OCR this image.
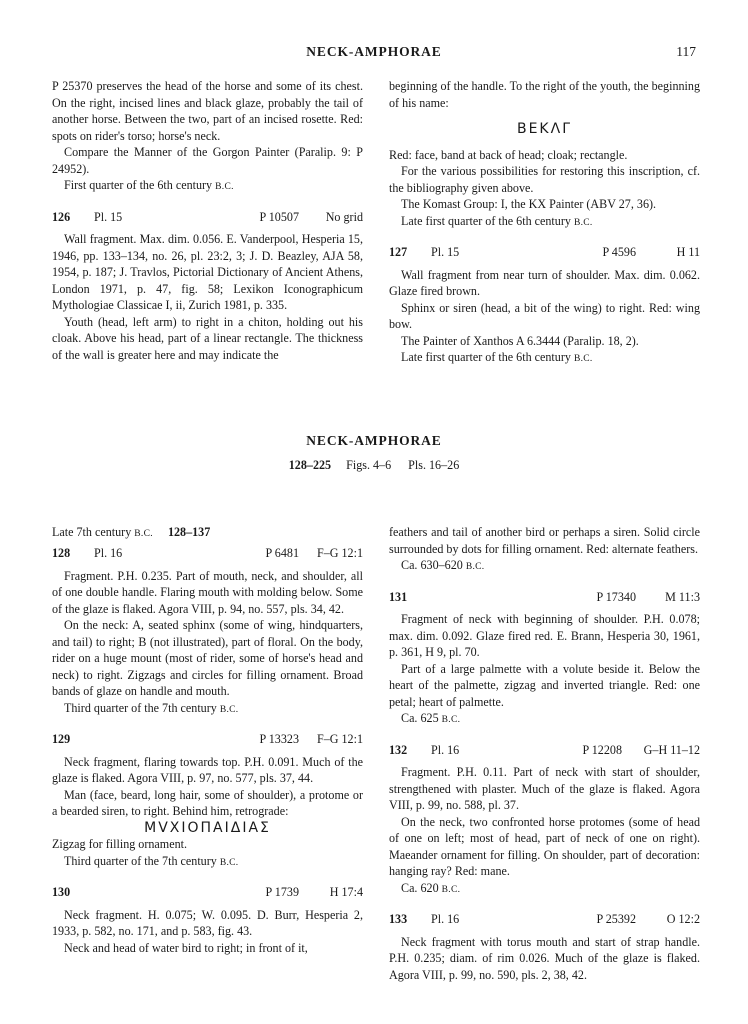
NECK-AMPHORAE	117

P 25370 preserves the head of the horse and some of its chest. On the right, incised lines and black glaze, probably the tail of another horse. Between the two, part of an incised rosette. Red: spots on rider's torso; horse's neck.

Compare the Manner of the Gorgon Painter (Paralip. 9: P 24952).

First quarter of the 6th century B.C.

126	Pl. 15	P 10507	No grid

Wall fragment. Max. dim. 0.056. E. Vanderpool, Hesperia 15, 1946, pp. 133–134, no. 26, pl. 23:2, 3; J. D. Beazley, AJA 58, 1954, p. 187; J. Travlos, Pictorial Dictionary of Ancient Athens, London 1971, p. 47, fig. 58; Lexikon Iconographicum Mythologiae Classicae I, ii, Zurich 1981, p. 335.

Youth (head, left arm) to right in a chiton, holding out his cloak. Above his head, part of a linear rectangle. The thickness of the wall is greater here and may indicate the

beginning of the handle. To the right of the youth, the beginning of his name:

ΒΕΚΛΓ

Red: face, band at back of head; cloak; rectangle.

For the various possibilities for restoring this inscription, cf. the bibliography given above.

The Komast Group: I, the KX Painter (ABV 27, 36).

Late first quarter of the 6th century B.C.

127	Pl. 15	P 4596	H 11

Wall fragment from near turn of shoulder. Max. dim. 0.062. Glaze fired brown.

Sphinx or siren (head, a bit of the wing) to right. Red: wing bow.

The Painter of Xanthos A 6.3444 (Paralip. 18, 2).

Late first quarter of the 6th century B.C.

NECK-AMPHORAE
128–225 Figs. 4–6 Pls. 16–26
Late 7th century B.C. 128–137
128	Pl. 16	P 6481	F–G 12:1

Fragment. P.H. 0.235. Part of mouth, neck, and shoulder, all of one double handle. Flaring mouth with molding below. Some of the glaze is flaked. Agora VIII, p. 94, no. 557, pls. 34, 42.

On the neck: A, seated sphinx (some of wing, hindquarters, and tail) to right; B (not illustrated), part of floral. On the body, rider on a huge mount (most of rider, some of horse's head and neck) to right. Zigzags and circles for filling ornament. Broad bands of glaze on handle and mouth.

Third quarter of the 7th century B.C.

129	P 13323	F–G 12:1

Neck fragment, flaring towards top. P.H. 0.091. Much of the glaze is flaked. Agora VIII, p. 97, no. 577, pls. 37, 44.

Man (face, beard, long hair, some of shoulder), a protome or a bearded siren, to right. Behind him, retrograde:

ΜVΧΙΟΠΑΙΔΙΑΣ

Zigzag for filling ornament.

Third quarter of the 7th century B.C.

130	P 1739	H 17:4

Neck fragment. H. 0.075; W. 0.095. D. Burr, Hesperia 2, 1933, p. 582, no. 171, and p. 583, fig. 43.

Neck and head of water bird to right; in front of it,

feathers and tail of another bird or perhaps a siren. Solid circle surrounded by dots for filling ornament. Red: alternate feathers.

Ca. 630–620 B.C.

131	P 17340	M 11:3

Fragment of neck with beginning of shoulder. P.H. 0.078; max. dim. 0.092. Glaze fired red. E. Brann, Hesperia 30, 1961, p. 361, H 9, pl. 70.

Part of a large palmette with a volute beside it. Below the heart of the palmette, zigzag and inverted triangle. Red: one petal; heart of palmette.

Ca. 625 B.C.

132	Pl. 16	P 12208	G–H 11–12

Fragment. P.H. 0.11. Part of neck with start of shoulder, strengthened with plaster. Much of the glaze is flaked. Agora VIII, p. 99, no. 588, pl. 37.

On the neck, two confronted horse protomes (some of head of one on left; most of head, part of neck of one on right). Maeander ornament for filling. On shoulder, part of decoration: hanging ray? Red: mane.

Ca. 620 B.C.

133	Pl. 16	P 25392	O 12:2

Neck fragment with torus mouth and start of strap handle. P.H. 0.235; diam. of rim 0.026. Much of the glaze is flaked. Agora VIII, p. 99, no. 590, pls. 2, 38, 42.
